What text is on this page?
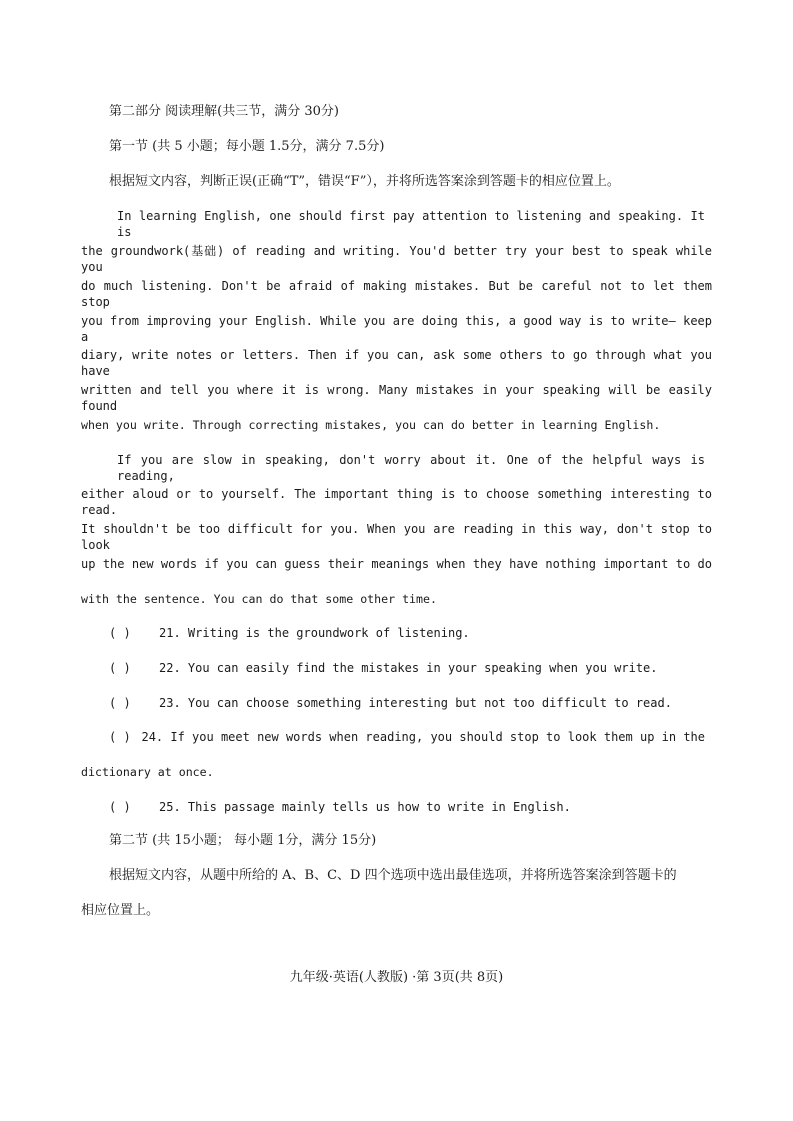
第二部分 阅读理解(共三节，满分 30分)
第一节 (共 5 小题；每小题 1.5分，满分 7.5分)
根据短文内容，判断正误(正确“T”，错误“F”），并将所选答案涂到答题卡的相应位置上。
In learning English, one should first pay attention to listening and speaking. It is
the groundwork(基础) of reading and writing. You'd better try your best to speak while you
do much listening. Don't be afraid of making mistakes. But be careful not to let them stop
you from improving your English. While you are doing this, a good way is to write— keep a
diary, write notes or letters. Then if you can, ask some others to go through what you have
written and tell you where it is wrong. Many mistakes in your speaking will be easily found
when you write. Through correcting mistakes, you can do better in learning English.
If you are slow in speaking, don't worry about it. One of the helpful ways is reading,
either aloud or to yourself. The important thing is to choose something interesting to read.
It shouldn't be too difficult for you. When you are reading in this way, don't stop to look
up the new words if you can guess their meanings when they have nothing important to do
with the sentence. You can do that some other time.
( ) 21. Writing is the groundwork of listening.
( ) 22. You can easily find the mistakes in your speaking when you write.
( ) 23. You can choose something interesting but not too difficult to read.
( ) 24. If you meet new words when reading, you should stop to look them up in the
dictionary at once.
( ) 25. This passage mainly tells us how to write in English.
第二节 (共 15小题； 每小题 1分，满分 15分)
根据短文内容，从题中所给的 A、B、C、D 四个选项中选出最佳选项，并将所选答案涂到答题卡的
相应位置上。
九年级·英语(人教版) ·第 3页(共 8页)
